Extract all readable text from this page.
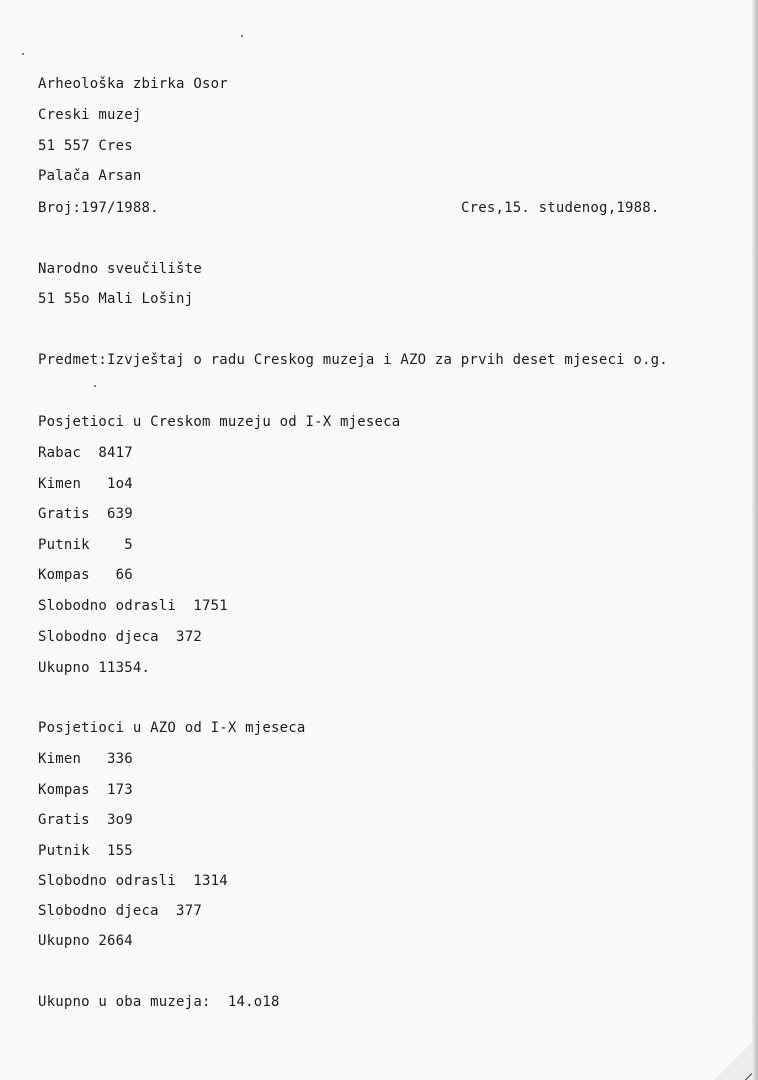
Arheološka zbirka Osor
Creski muzej
51 557 Cres
Palača Arsan
Broj:197/1988.	Cres,15. studenog,1988.
Narodno sveučilište
51 55o Mali Lošinj
Predmet:Izvještaj o radu Creskog muzeja i AZO za prvih deset mjeseci o.g.
Posjetioci u Creskom muzeju od I-X mjeseca
Rabac  8417
Kimen   1o4
Gratis  639
Putnik    5
Kompas   66
Slobodno odrasli  1751
Slobodno djeca  372
Ukupno 11354.
Posjetioci u AZO od I-X mjeseca
Kimen   336
Kompas  173
Gratis  3o9
Putnik  155
Slobodno odrasli  1314
Slobodno djeca  377
Ukupno 2664
Ukupno u oba muzeja:  14.o18
